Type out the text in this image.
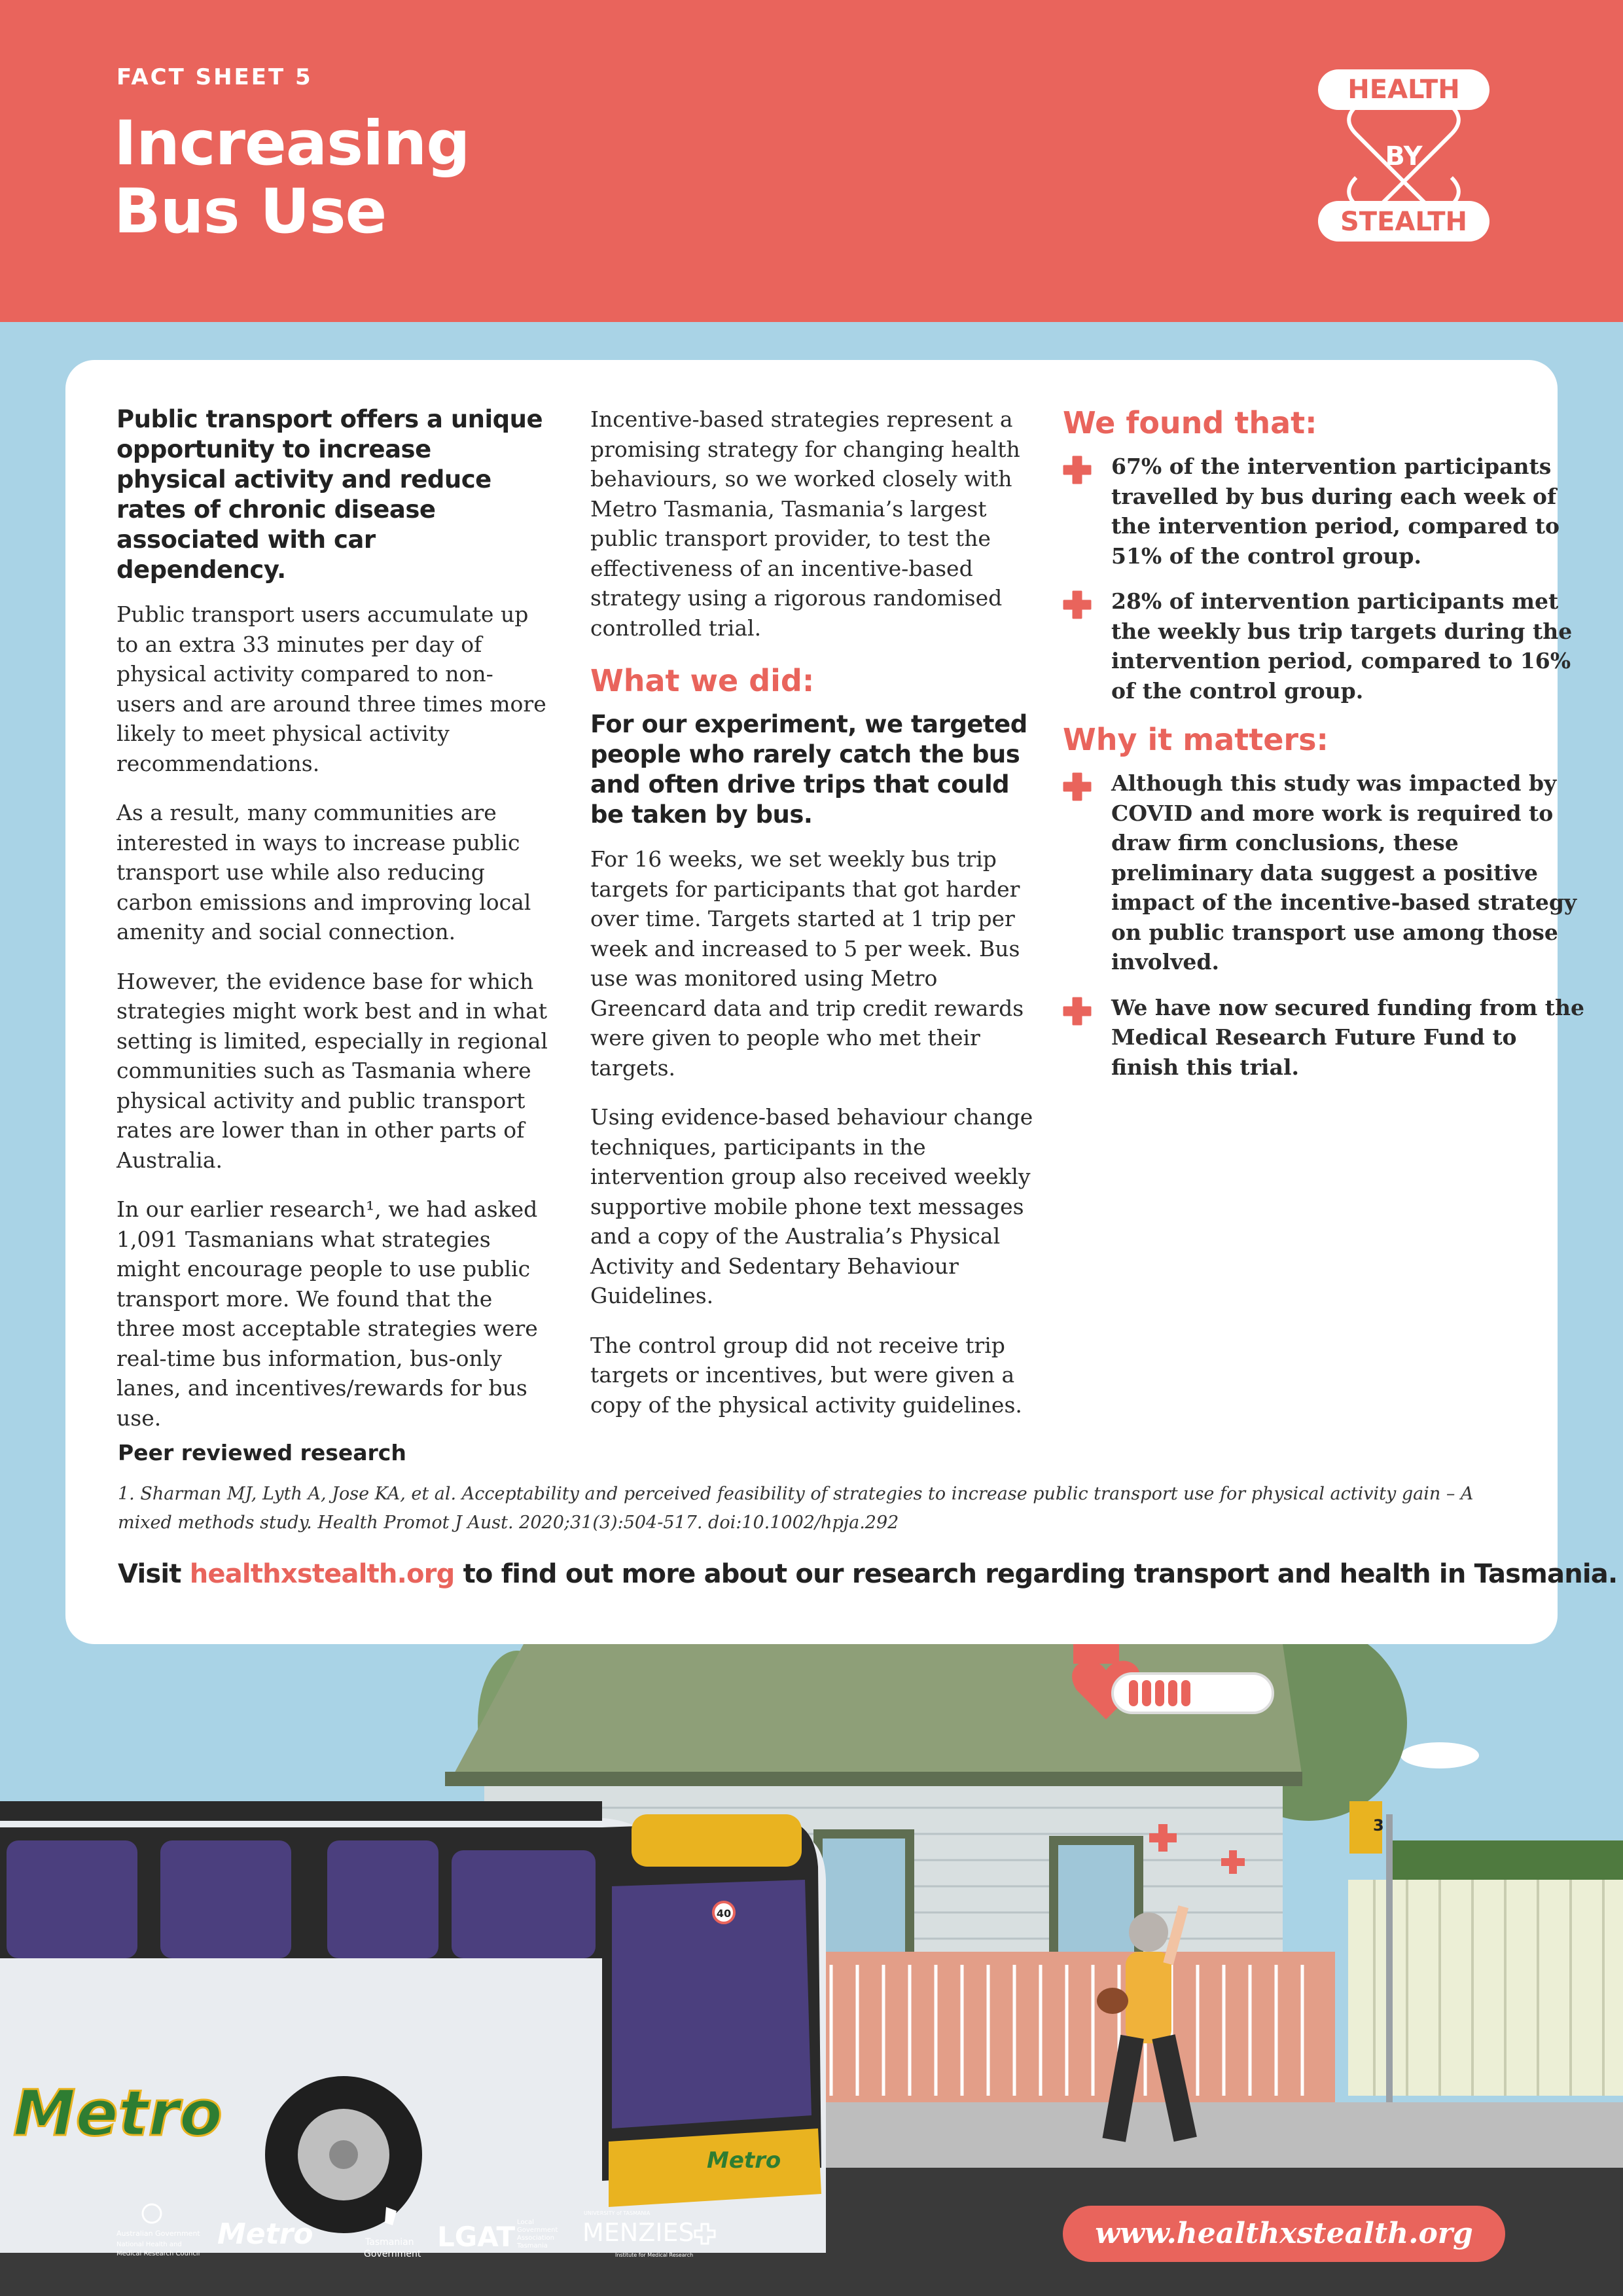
FACT SHEET 5
Increasing
Bus Use
HEALTH
BY
STEALTH

Public transport offers a unique opportunity to increase physical activity and reduce rates of chronic disease associated with car dependency.

Public transport users accumulate up to an extra 33 minutes per day of physical activity compared to non-users and are around three times more likely to meet physical activity recommendations.

As a result, many communities are interested in ways to increase public transport use while also reducing carbon emissions and improving local amenity and social connection.

However, the evidence base for which strategies might work best and in what setting is limited, especially in regional communities such as Tasmania where physical activity and public transport rates are lower than in other parts of Australia.

In our earlier research¹, we had asked 1,091 Tasmanians what strategies might encourage people to use public transport more. We found that the three most acceptable strategies were real-time bus information, bus-only lanes, and incentives/rewards for bus use.

Incentive-based strategies represent a promising strategy for changing health behaviours, so we worked closely with Metro Tasmania, Tasmania’s largest public transport provider, to test the effectiveness of an incentive-based strategy using a rigorous randomised controlled trial.

What we did:

For our experiment, we targeted people who rarely catch the bus and often drive trips that could be taken by bus.

For 16 weeks, we set weekly bus trip targets for participants that got harder over time. Targets started at 1 trip per week and increased to 5 per week. Bus use was monitored using Metro Greencard data and trip credit rewards were given to people who met their targets.

Using evidence-based behaviour change techniques, participants in the intervention group also received weekly supportive mobile phone text messages and a copy of the Australia’s Physical Activity and Sedentary Behaviour Guidelines.

The control group did not receive trip targets or incentives, but were given a copy of the physical activity guidelines.

We found that:

67% of the intervention participants travelled by bus during each week of the intervention period, compared to 51% of the control group.

28% of intervention participants met the weekly bus trip targets during the intervention period, compared to 16% of the control group.

Why it matters:

Although this study was impacted by COVID and more work is required to draw firm conclusions, these preliminary data suggest a positive impact of the incentive-based strategy on public transport use among those involved.

We have now secured funding from the Medical Research Future Fund to finish this trial.

Peer reviewed research

1. Sharman MJ, Lyth A, Jose KA, et al. Acceptability and perceived feasibility of strategies to increase public transport use for physical activity gain – A mixed methods study. Health Promot J Aust. 2020;31(3):504-517. doi:10.1002/hpja.292

Visit healthxstealth.org to find out more about our research regarding transport and health in Tasmania.
3
40
Metro
Metro
Australian Government
National Health and
Medical Research Council
Metro	Tasmanian
Government
LGAT Local
Government
Association
Tasmania
UNIVERSITY of TASMANIA
MENZIES
Institute for Medical Research
www.healthxstealth.org
